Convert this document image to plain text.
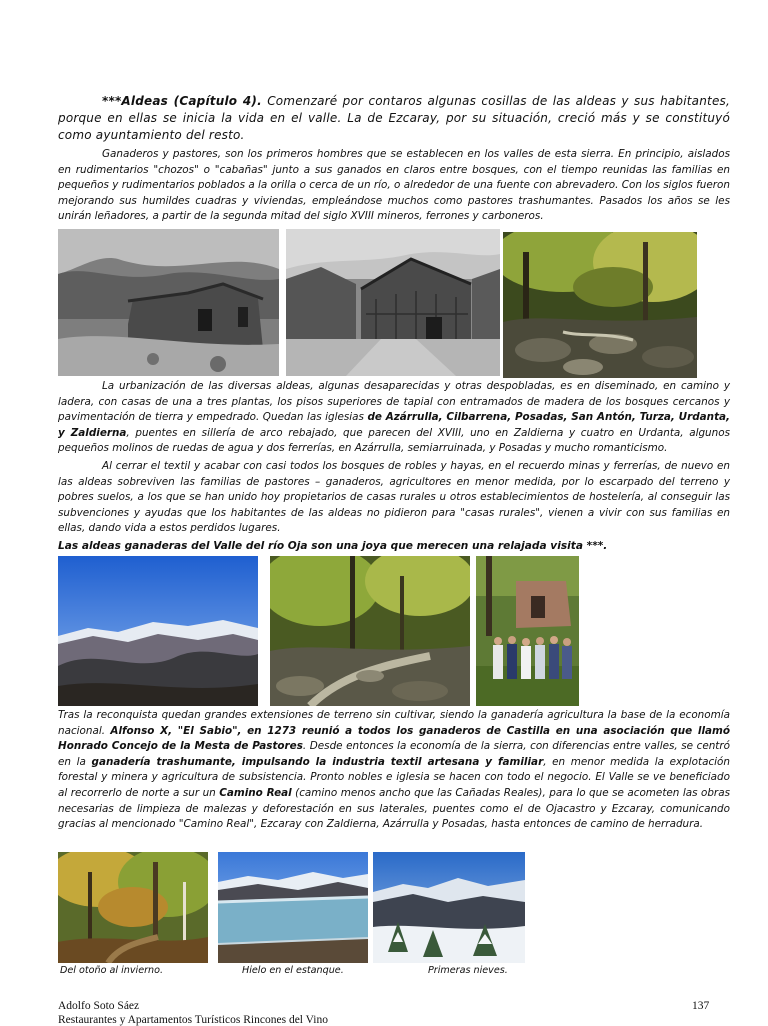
***Aldeas (Capítulo 4). Comenzaré por contaros algunas cosillas de las aldeas y sus habitantes, porque en ellas se inicia la vida en el valle. La de Ezcaray, por su situación, creció más y se constituyó como ayuntamiento del resto.

Ganaderos y pastores, son los primeros hombres que se establecen en los valles de esta sierra. En principio, aislados en rudimentarios "chozos" o "cabañas" junto a sus ganados en claros entre bosques, con el tiempo reunidas las familias en pequeños y rudimentarios poblados a la orilla o cerca de un río, o alrededor de una fuente con abrevadero. Con los siglos fueron mejorando sus humildes cuadras y viviendas, empleándose muchos como pastores trashumantes. Pasados los años se les unirán leñadores, a partir de la segunda mitad del siglo XVIII mineros, ferrones y carboneros.

La urbanización de las diversas aldeas, algunas desaparecidas y otras despobladas, es en diseminado, en camino y ladera, con casas de una a tres plantas, los pisos superiores de tapial con entramados de madera de los bosques cercanos y pavimentación de tierra y empedrado. Quedan las iglesias de Azárrulla, Cilbarrena, Posadas, San Antón, Turza, Urdanta, y Zaldierna, puentes en sillería de arco rebajado, que parecen del XVIII, uno en Zaldierna y cuatro en Urdanta, algunos pequeños molinos de ruedas de agua y dos ferrerías, en Azárrulla, semiarruinada, y Posadas y mucho romanticismo.

Al cerrar el textil y acabar con casi todos los bosques de robles y hayas, en el recuerdo minas y ferrerías, de nuevo en las aldeas sobreviven las familias de pastores – ganaderos, agricultores en menor medida, por lo escarpado del terreno y pobres suelos, a los que se han unido hoy propietarios de casas rurales u otros establecimientos de hostelería, al conseguir las subvenciones y ayudas que los habitantes de las aldeas no pidieron para "casas rurales", vienen a vivir con sus familias en ellas, dando vida a estos perdidos lugares.

Las aldeas ganaderas del Valle del río Oja son una joya que merecen una relajada visita ***.

Tras la reconquista quedan grandes extensiones de terreno sin cultivar, siendo la ganadería agricultura la base de la economía nacional. Alfonso X, "El Sabio", en 1273 reunió a todos los ganaderos de Castilla en una asociación que llamó Honrado Concejo de la Mesta de Pastores. Desde entonces la economía de la sierra, con diferencias entre valles, se centró en la ganadería trashumante, impulsando la industria textil artesana y familiar, en menor medida la explotación forestal y minera y agricultura de subsistencia. Pronto nobles e iglesia se hacen con todo el negocio. El Valle se ve beneficiado al recorrerlo de norte a sur un Camino Real (camino menos ancho que las Cañadas Reales), para lo que se acometen las obras necesarias de limpieza de malezas y deforestación en sus laterales, puentes como el de Ojacastro y Ezcaray, comunicando gracias al mencionado "Camino Real", Ezcaray con Zaldierna, Azárrulla y Posadas, hasta entonces de camino de herradura.

Del otoño al invierno.	Hielo en el estanque.	Primeras nieves.
Adolfo Soto Sáez	137
Restaurantes y Apartamentos Turísticos Rincones del Vino
